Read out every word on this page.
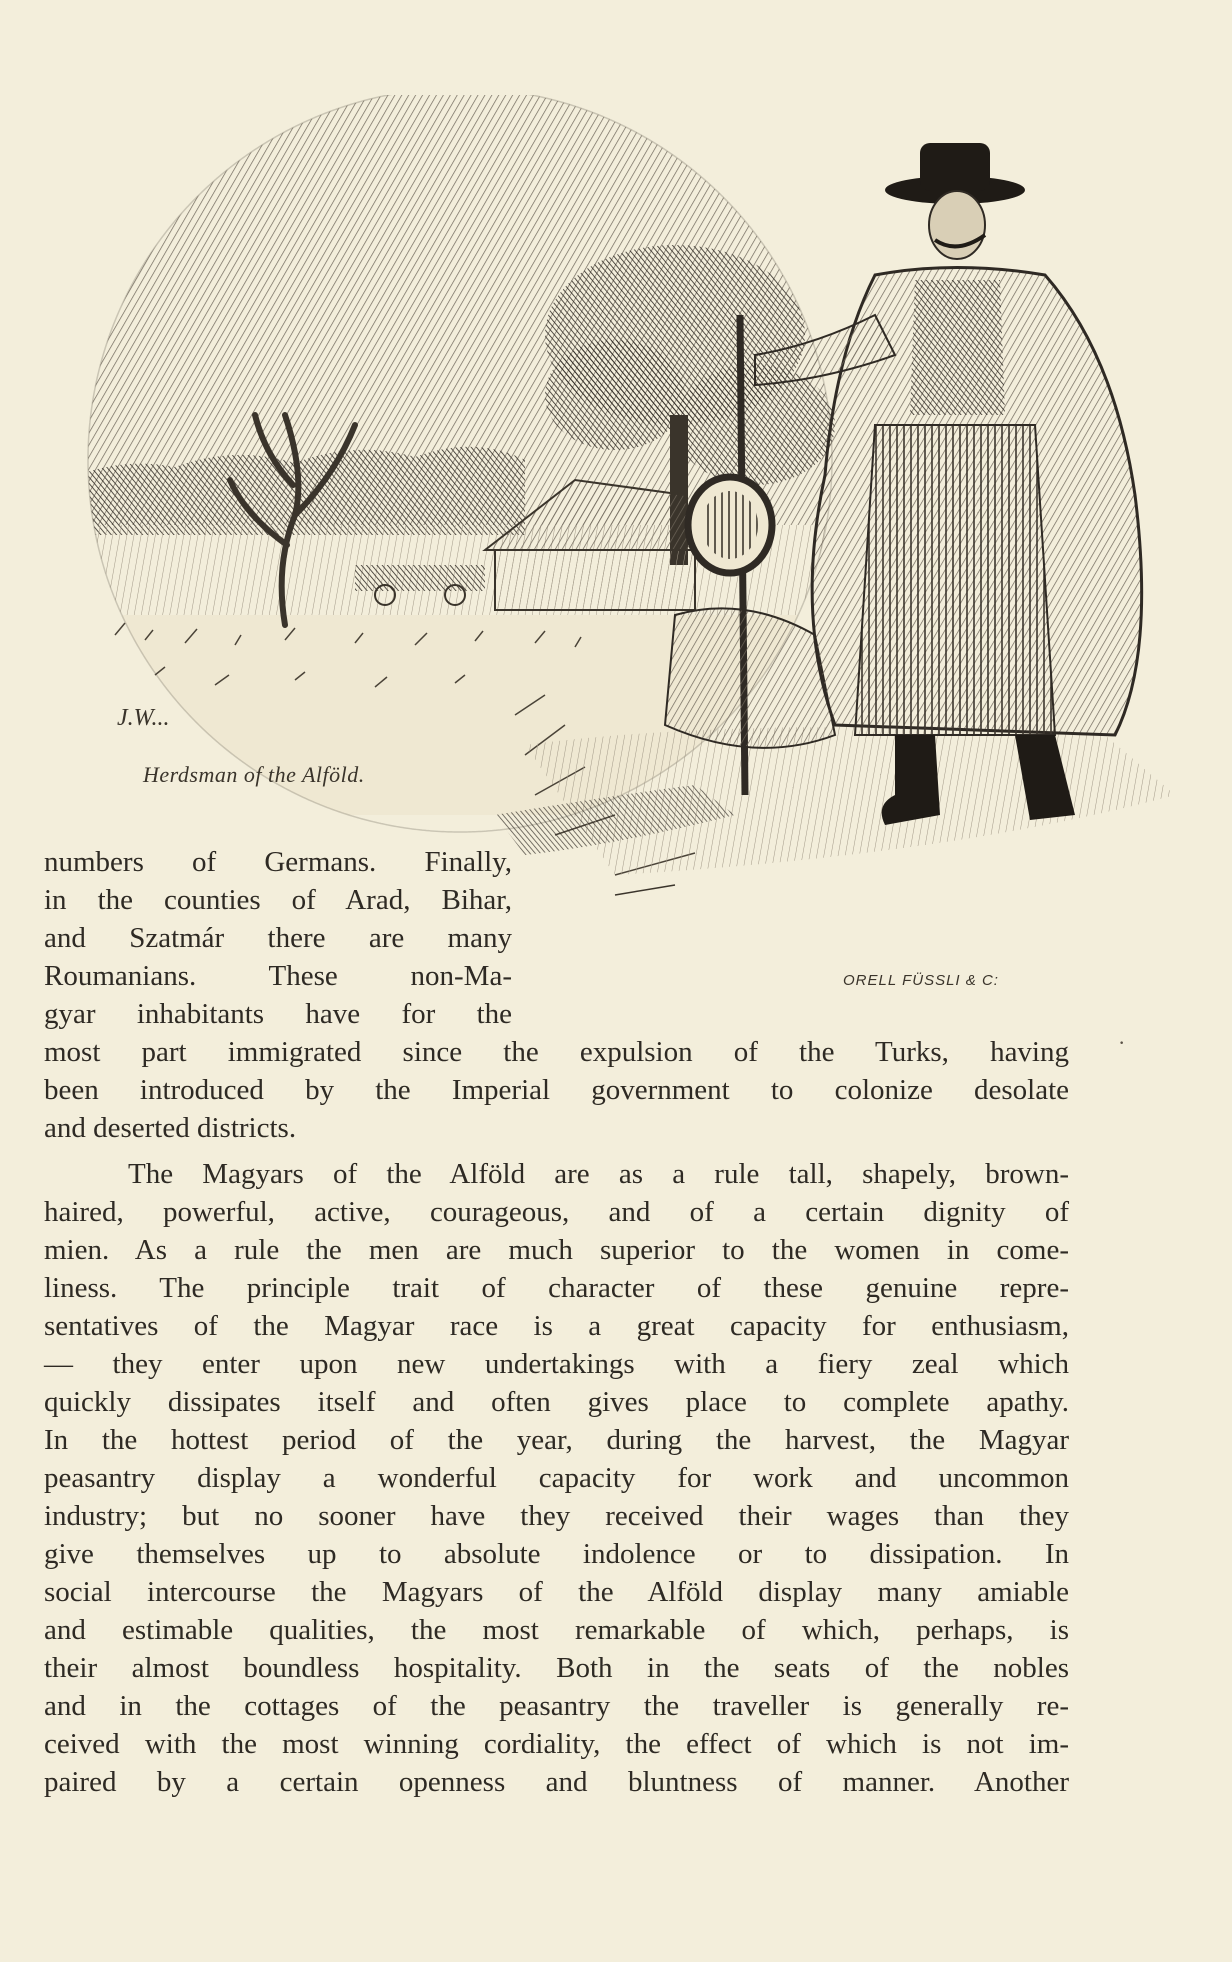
J.W...
Herdsman of the Alföld.
ORELL FÜSSLI & C:
numbers of Germans. Finally,
in the counties of Arad, Bihar,
and Szatmár there are many
Roumanians. These non-Ma-
gyar inhabitants have for the
most part immigrated since the expulsion of the Turks, having
been introduced by the Imperial government to colonize desolate
and deserted districts.
The Magyars of the Alföld are as a rule tall, shapely, brown-
haired, powerful, active, courageous, and of a certain dignity of
mien. As a rule the men are much superior to the women in come-
liness. The principle trait of character of these genuine repre-
sentatives of the Magyar race is a great capacity for enthusiasm,
— they enter upon new undertakings with a fiery zeal which
quickly dissipates itself and often gives place to complete apathy.
In the hottest period of the year, during the harvest, the Magyar
peasantry display a wonderful capacity for work and uncommon
industry; but no sooner have they received their wages than they
give themselves up to absolute indolence or to dissipation. In
social intercourse the Magyars of the Alföld display many amiable
and estimable qualities, the most remarkable of which, perhaps, is
their almost boundless hospitality. Both in the seats of the nobles
and in the cottages of the peasantry the traveller is generally re-
ceived with the most winning cordiality, the effect of which is not im-
paired by a certain openness and bluntness of manner. Another
·
